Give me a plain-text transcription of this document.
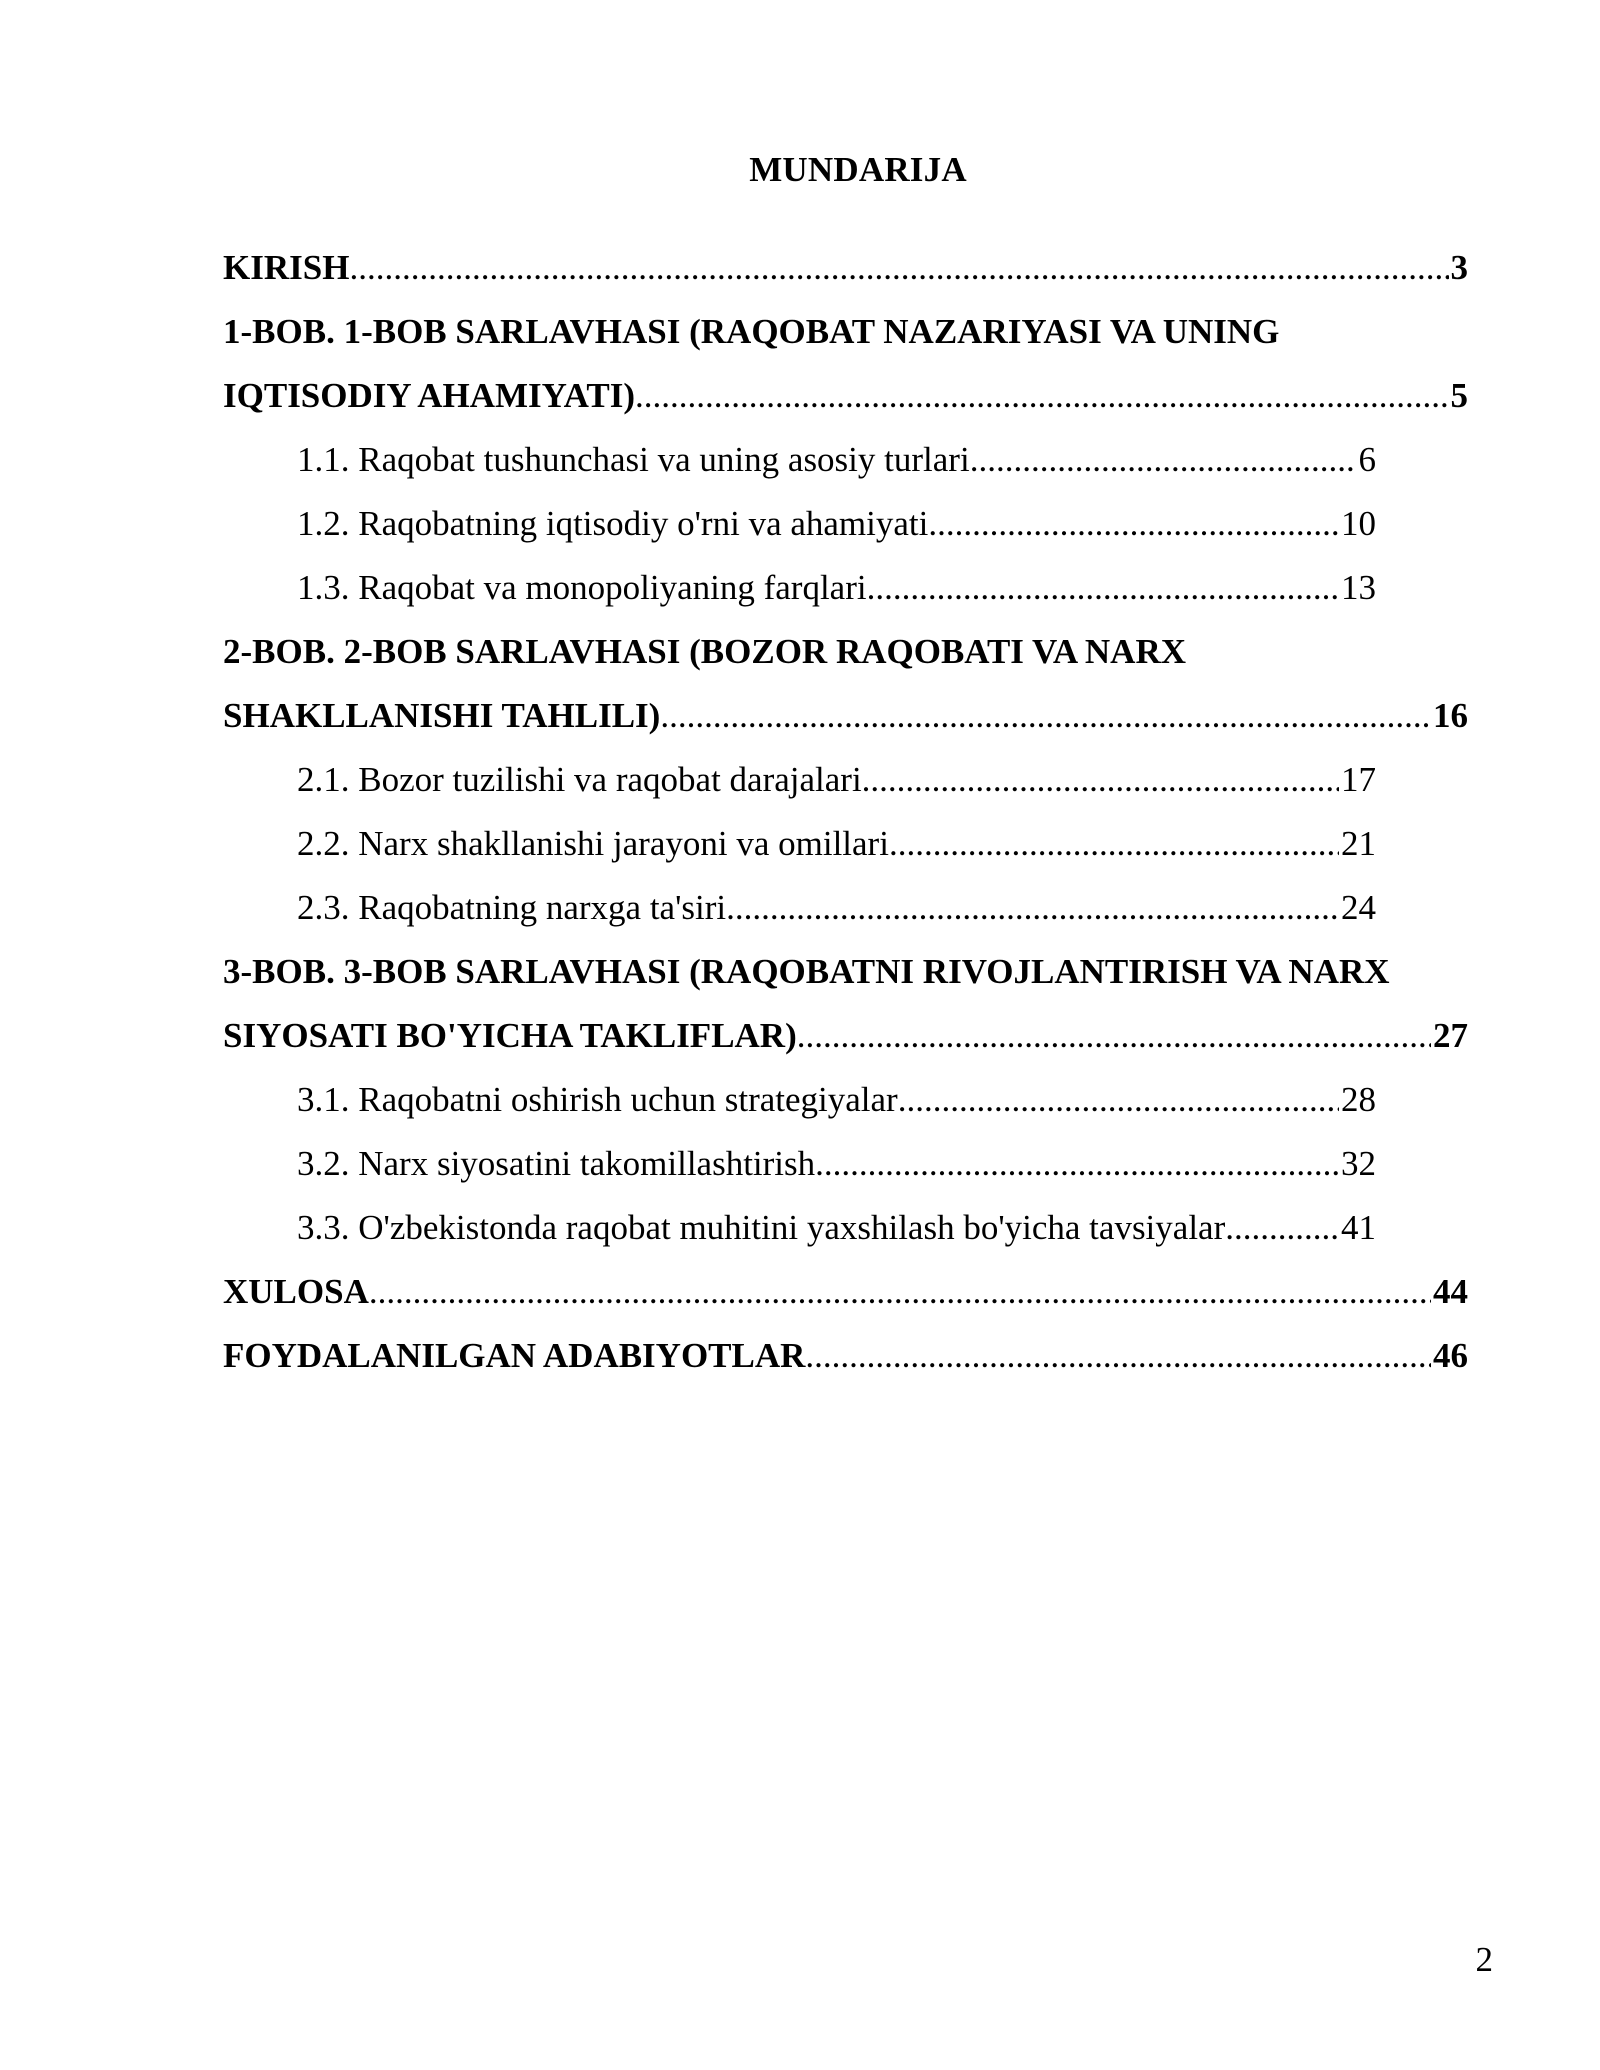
MUNDARIJA
KIRISH .....	3
1-BOB. 1-BOB SARLAVHASI (RAQOBAT NAZARIYASI VA UNING
IQTISODIY AHAMIYATI) .....	5
1.1. Raqobat tushunchasi va uning asosiy turlari .....	6
1.2. Raqobatning iqtisodiy o'rni va ahamiyati .....	10
1.3. Raqobat va monopoliyaning farqlari .....	13
2-BOB. 2-BOB SARLAVHASI (BOZOR RAQOBATI VA NARX
SHAKLLANISHI TAHLILI) .....	16
2.1. Bozor tuzilishi va raqobat darajalari .....	17
2.2. Narx shakllanishi jarayoni va omillari .....	21
2.3. Raqobatning narxga ta'siri .....	24
3-BOB. 3-BOB SARLAVHASI (RAQOBATNI RIVOJLANTIRISH VA NARX
SIYOSATI BO'YICHA TAKLIFLAR) .....	27
3.1. Raqobatni oshirish uchun strategiyalar .....	28
3.2. Narx siyosatini takomillashtirish .....	32
3.3. O'zbekistonda raqobat muhitini yaxshilash bo'yicha tavsiyalar .....	41
XULOSA .....	44
FOYDALANILGAN ADABIYOTLAR .....	46
2
